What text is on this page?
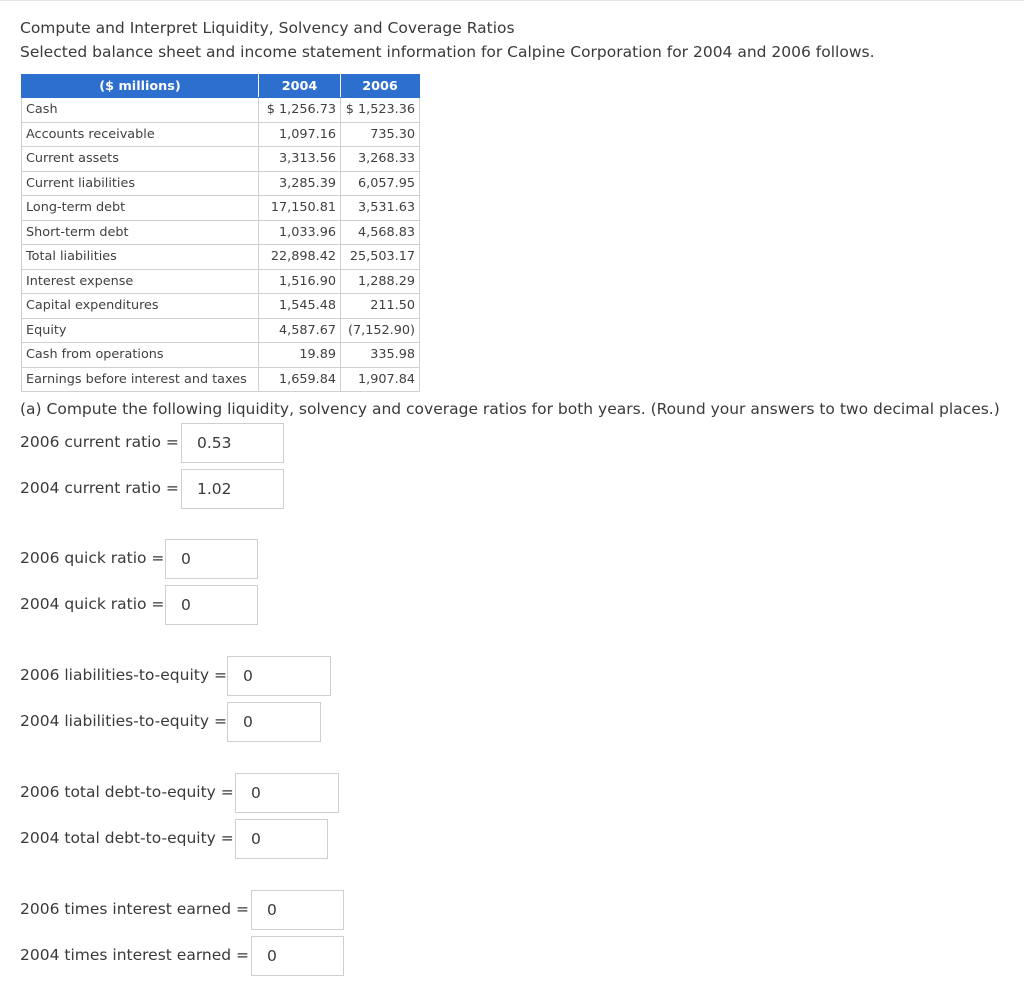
Compute and Interpret Liquidity, Solvency and Coverage Ratios
Selected balance sheet and income statement information for Calpine Corporation for 2004 and 2006 follows.
($ millions)	2004	2006
Cash	$ 1,256.73	$ 1,523.36
Accounts receivable	1,097.16	735.30
Current assets	3,313.56	3,268.33
Current liabilities	3,285.39	6,057.95
Long-term debt	17,150.81	3,531.63
Short-term debt	1,033.96	4,568.83
Total liabilities	22,898.42	25,503.17
Interest expense	1,516.90	1,288.29
Capital expenditures	1,545.48	211.50
Equity	4,587.67	(7,152.90)
Cash from operations	19.89	335.98
Earnings before interest and taxes	1,659.84	1,907.84
(a) Compute the following liquidity, solvency and coverage ratios for both years. (Round your answers to two decimal places.)
2006 current ratio =
0.53
2004 current ratio =
1.02
2006 quick ratio =
0
2004 quick ratio =
0
2006 liabilities-to-equity =
0
2004 liabilities-to-equity =
0
2006 total debt-to-equity =
0
2004 total debt-to-equity =
0
2006 times interest earned =
0
2004 times interest earned =
0
